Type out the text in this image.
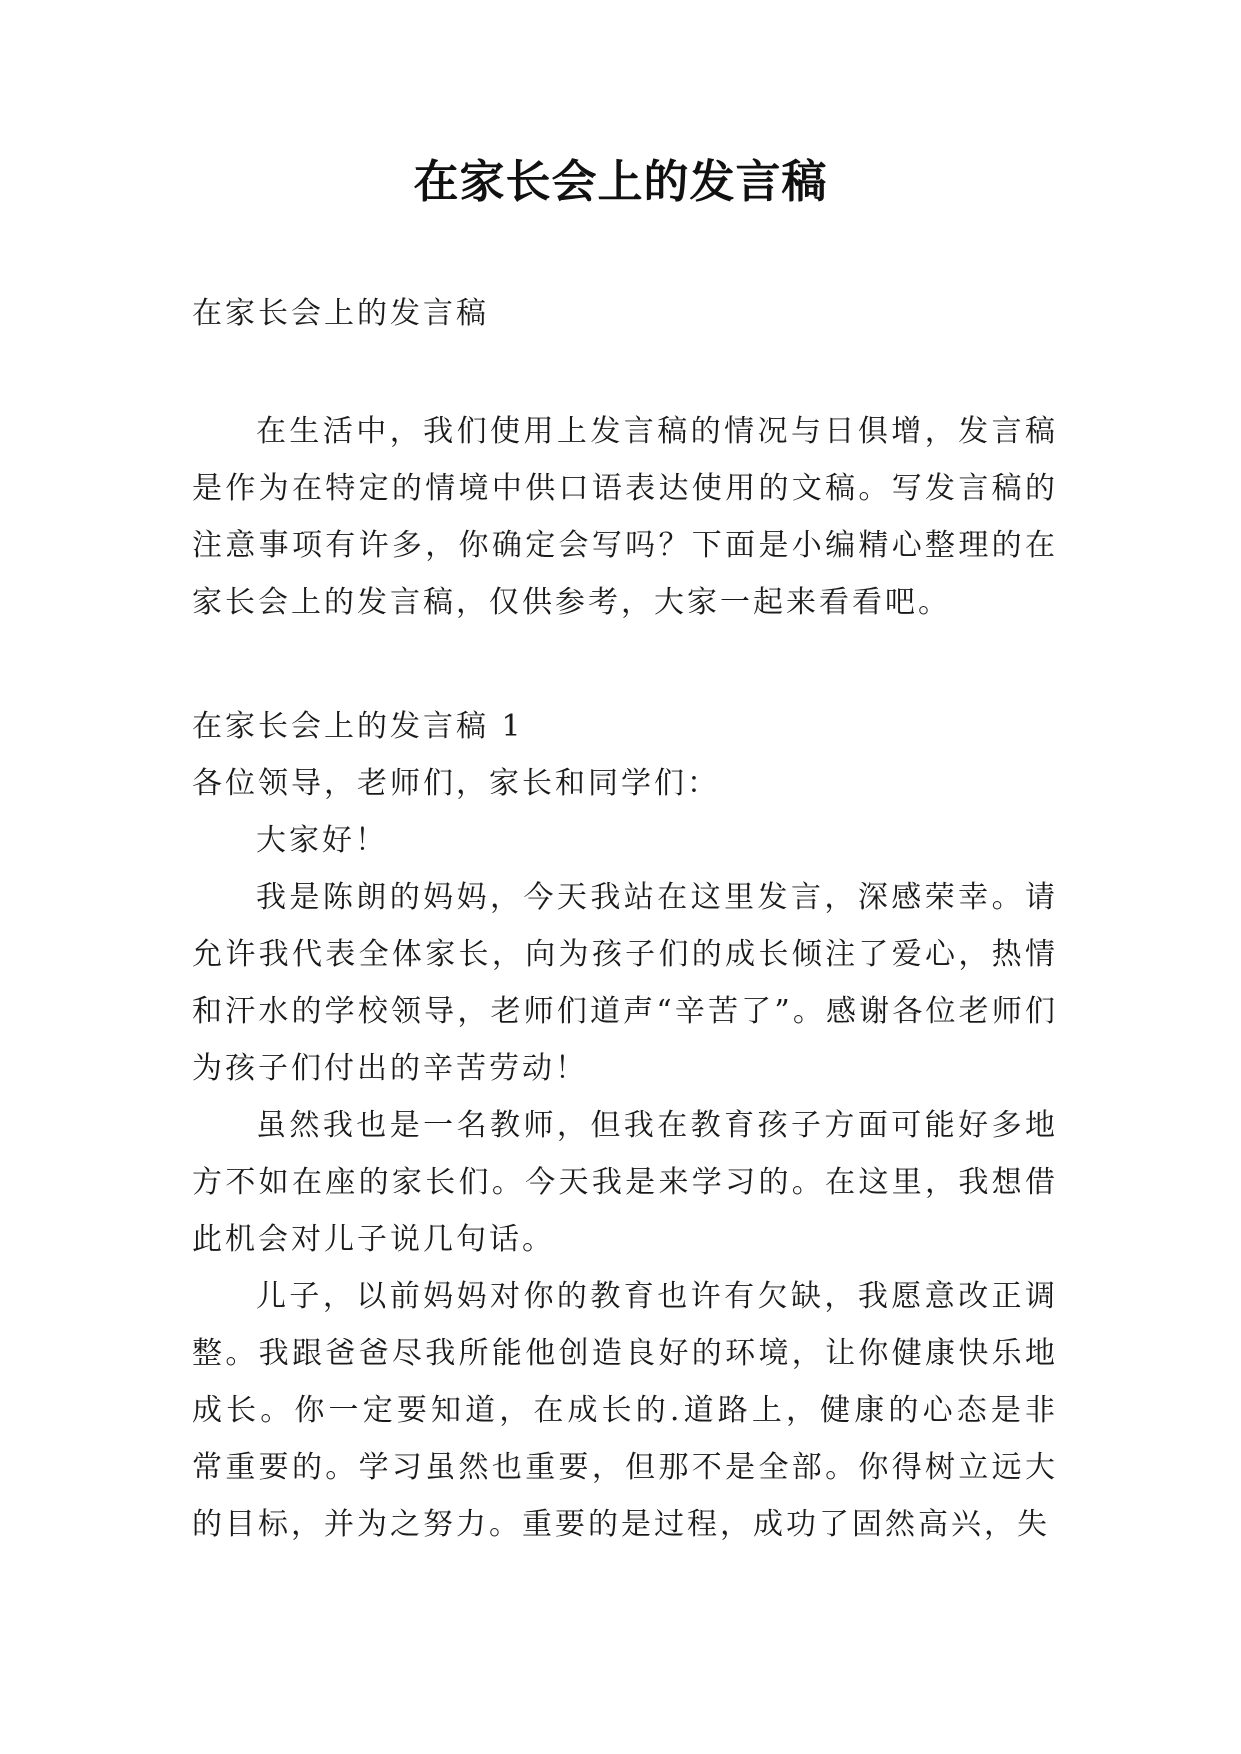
在家长会上的发言稿
在家长会上的发言稿
在生活中，我们使用上发言稿的情况与日俱增，发言稿是作为在特定的情境中供口语表达使用的文稿。写发言稿的注意事项有许多，你确定会写吗？下面是小编精心整理的在家长会上的发言稿，仅供参考，大家一起来看看吧。

在家长会上的发言稿 1

各位领导，老师们，家长和同学们：

大家好！

我是陈朗的妈妈，今天我站在这里发言，深感荣幸。请允许我代表全体家长，向为孩子们的成长倾注了爱心，热情和汗水的学校领导，老师们道声“辛苦了”。感谢各位老师们为孩子们付出的辛苦劳动！

虽然我也是一名教师，但我在教育孩子方面可能好多地方不如在座的家长们。今天我是来学习的。在这里，我想借此机会对儿子说几句话。

儿子，以前妈妈对你的教育也许有欠缺，我愿意改正调整。我跟爸爸尽我所能他创造良好的环境，让你健康快乐地成长。你一定要知道，在成长的.道路上，健康的心态是非常重要的。学习虽然也重要，但那不是全部。你得树立远大的目标，并为之努力。重要的是过程，成功了固然高兴，失
